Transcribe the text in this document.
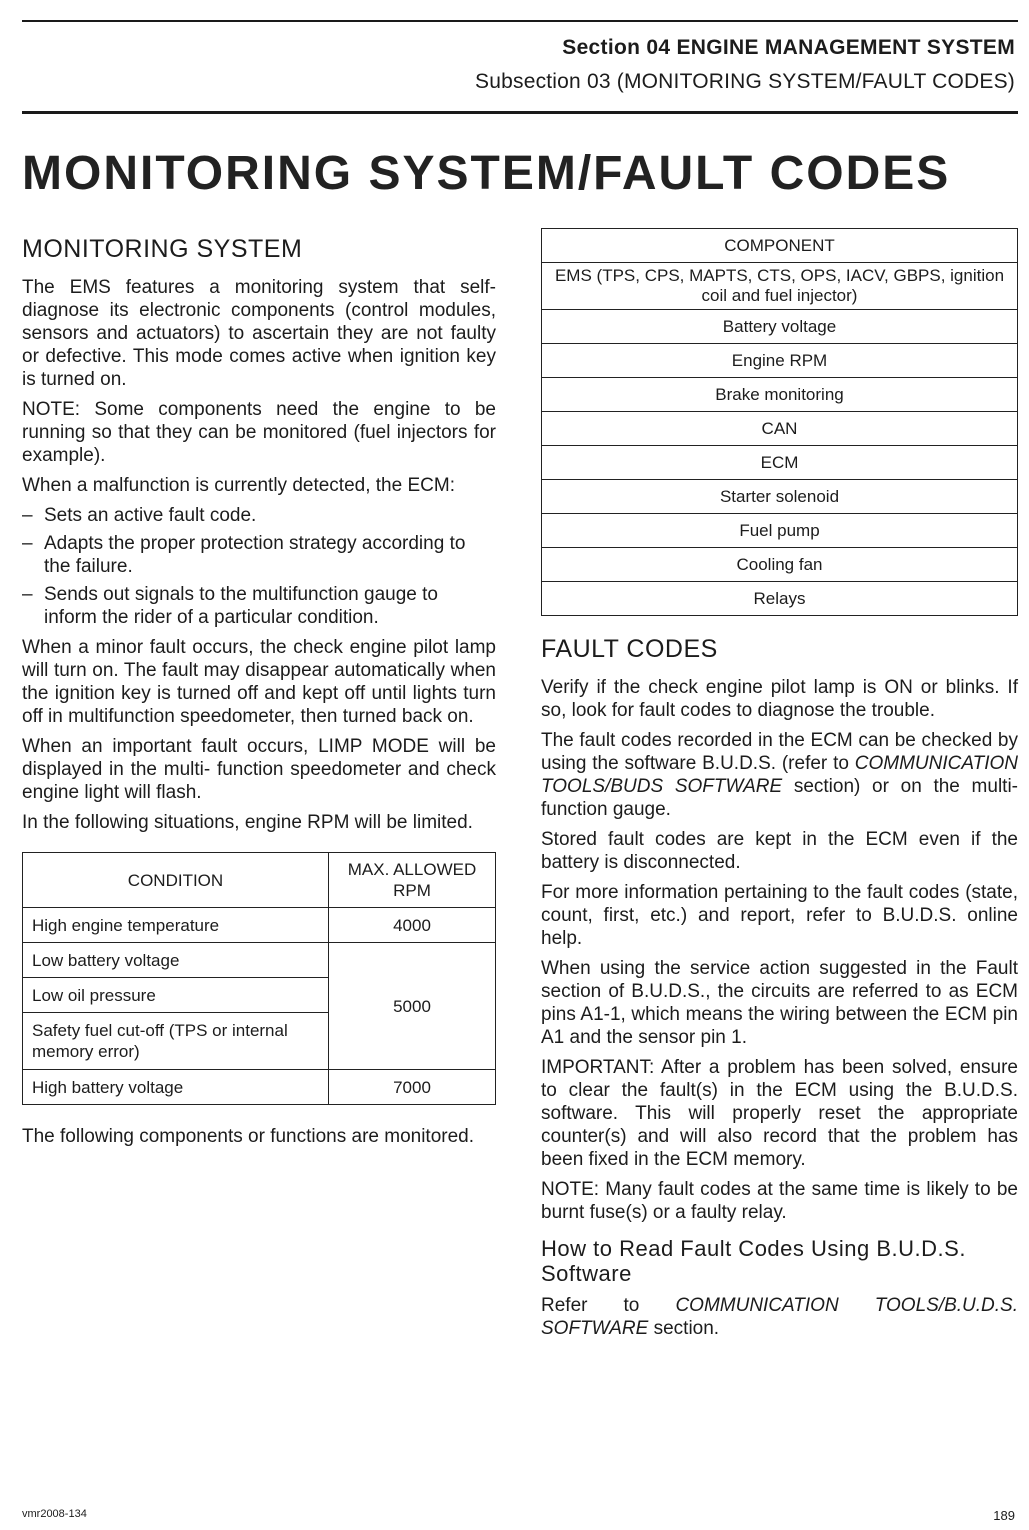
Section 04 ENGINE MANAGEMENT SYSTEM
Subsection 03 (MONITORING SYSTEM/FAULT CODES)
MONITORING SYSTEM/FAULT CODES
MONITORING SYSTEM

The EMS features a monitoring system that self-diagnose its electronic components (control modules, sensors and actuators) to ascertain they are not faulty or defective. This mode comes active when ignition key is turned on.

NOTE: Some components need the engine to be running so that they can be monitored (fuel injectors for example).

When a malfunction is currently detected, the ECM:

– Sets an active fault code.
– Adapts the proper protection strategy according to the failure.
– Sends out signals to the multifunction gauge to inform the rider of a particular condition.

When a minor fault occurs, the check engine pilot lamp will turn on. The fault may disappear automatically when the ignition key is turned off and kept off until lights turn off in multifunction speedometer, then turned back on.

When an important fault occurs, LIMP MODE will be displayed in the multi- function speedometer and check engine light will flash.

In the following situations, engine RPM will be limited.

CONDITION	MAX. ALLOWED RPM
High engine temperature	4000
Low battery voltage	5000
Low oil pressure	
Safety fuel cut-off (TPS or internal memory error)	
High battery voltage	7000

The following components or functions are monitored.

COMPONENT
EMS (TPS, CPS, MAPTS, CTS, OPS, IACV, GBPS, ignition coil and fuel injector)
Battery voltage
Engine RPM
Brake monitoring
CAN
ECM
Starter solenoid
Fuel pump
Cooling fan
Relays
FAULT CODES

Verify if the check engine pilot lamp is ON or blinks. If so, look for fault codes to diagnose the trouble.

The fault codes recorded in the ECM can be checked by using the software B.U.D.S. (refer to COMMUNICATION TOOLS/BUDS SOFTWARE section) or on the multi-function gauge.

Stored fault codes are kept in the ECM even if the battery is disconnected.

For more information pertaining to the fault codes (state, count, first, etc.) and report, refer to B.U.D.S. online help.

When using the service action suggested in the Fault section of B.U.D.S., the circuits are referred to as ECM pins A1-1, which means the wiring between the ECM pin A1 and the sensor pin 1.

IMPORTANT: After a problem has been solved, ensure to clear the fault(s) in the ECM using the B.U.D.S. software. This will properly reset the appropriate counter(s) and will also record that the problem has been fixed in the ECM memory.

NOTE: Many fault codes at the same time is likely to be burnt fuse(s) or a faulty relay.

How to Read Fault Codes Using B.U.D.S. Software

Refer to COMMUNICATION TOOLS/B.U.D.S. SOFTWARE section.

vmr2008-134	189
